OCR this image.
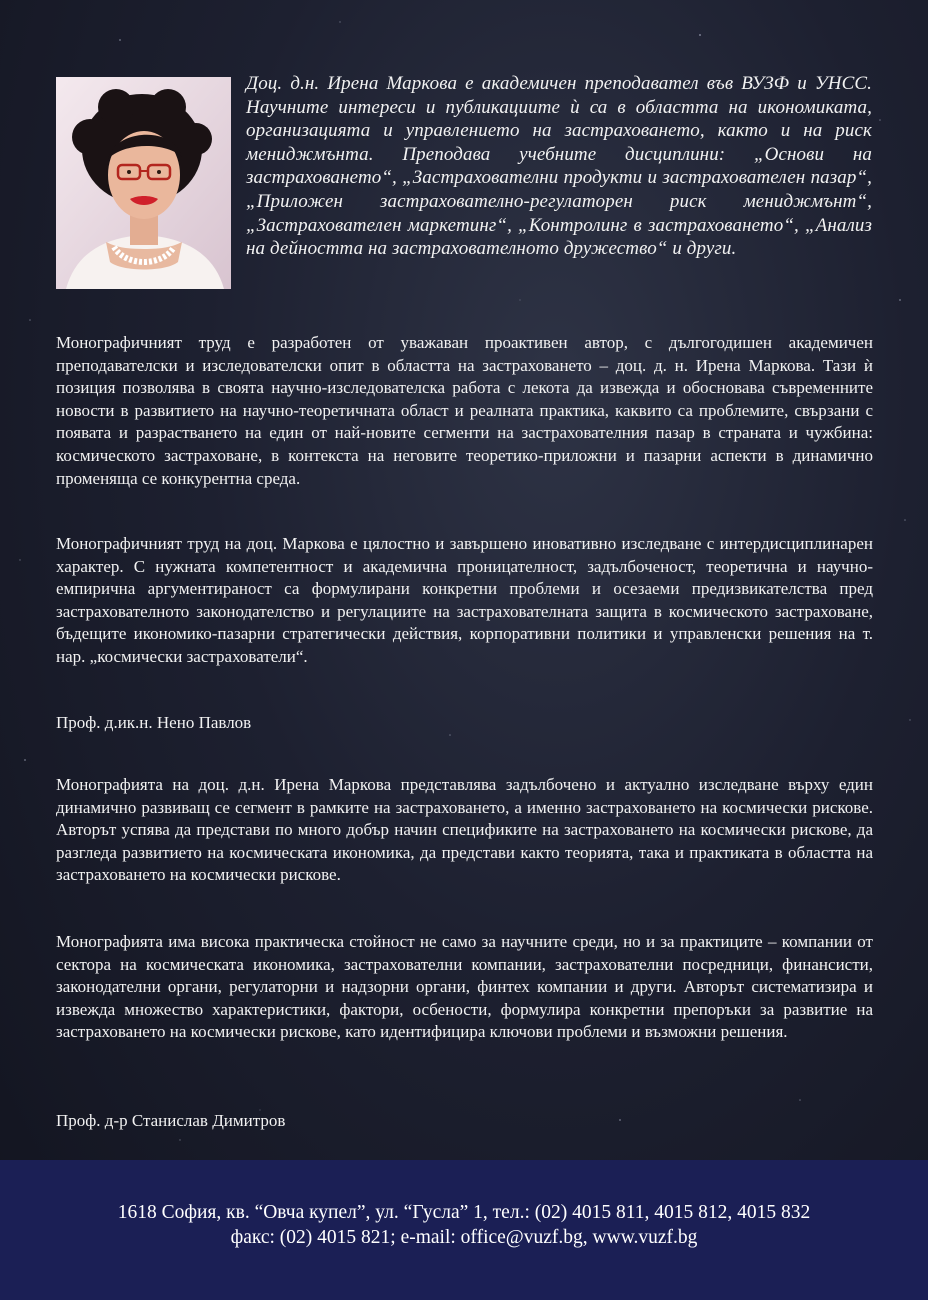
Доц. д.н. Ирена Маркова е академичен преподавател във ВУЗФ и УНСС. Научните интереси и публикациите ѝ са в областта на икономиката, организацията и управлението на застраховането, както и на риск мениджмънта. Преподава учебните дисциплини: „Основи на застраховането“, „Застрахователни продукти и застрахователен пазар“, „Приложен застрахователно-регулаторен риск мениджмънт“, „Застрахователен маркетинг“, „Контролинг в застраховането“, „Анализ на дейността на застрахователното дружество“ и други.

Монографичният труд е разработен от уважаван проактивен автор, с дългогодишен академичен преподавателски и изследователски опит в областта на застраховането – доц. д. н. Ирена Маркова. Тази ѝ позиция позволява в своята научно-изследователска работа с лекота да извежда и обосновава съвременните новости в развитието на научно-теоретичната област и реалната практика, каквито са проблемите, свързани с появата и разрастването на един от най-новите сегменти на застрахователния пазар в страната и чужбина: космическото застраховане, в контекста на неговите теоретико-приложни и пазарни аспекти в динамично променяща се конкурентна среда.

Монографичният труд на доц. Маркова е цялостно и завършено иновативно изследване с интердисциплинарен характер. С нужната компетентност и академична проницателност, задълбоченост, теоретична и научно-емпирична аргументираност са формулирани конкретни проблеми и осезаеми предизвикателства пред застрахователното законодателство и регулациите на застрахователната защита в космическото застраховане, бъдещите икономико-пазарни стратегически действия, корпоративни политики и управленски решения на т. нар. „космически застрахователи“.

Проф. д.ик.н. Нено Павлов

Монографията на доц. д.н. Ирена Маркова представлява задълбочено и актуално изследване върху един динамично развиващ се сегмент в рамките на застраховането, а именно застраховането на космически рискове. Авторът успява да представи по много добър начин спецификите на застраховането на космически рискове, да разгледа развитието на космическата икономика, да представи както теорията, така и практиката в областта на застраховането на космически рискове.

Монографията има висока практическа стойност не само за научните среди, но и за практиците – компании от сектора на космическата икономика, застрахователни компании, застрахователни посредници, финансисти, законодателни органи, регулаторни и надзорни органи, финтех компании и други. Авторът систематизира и извежда множество характеристики, фактори, осбености, формулира конкретни препоръки за развитие на застраховането на космически рискове, като идентифицира ключови проблеми и възможни решения.

Проф. д-р Станислав Димитров

1618 София, кв. “Овча купел”, ул. “Гусла” 1, тел.: (02) 4015 811, 4015 812, 4015 832

факс: (02) 4015 821; e-mail: office@vuzf.bg, www.vuzf.bg
